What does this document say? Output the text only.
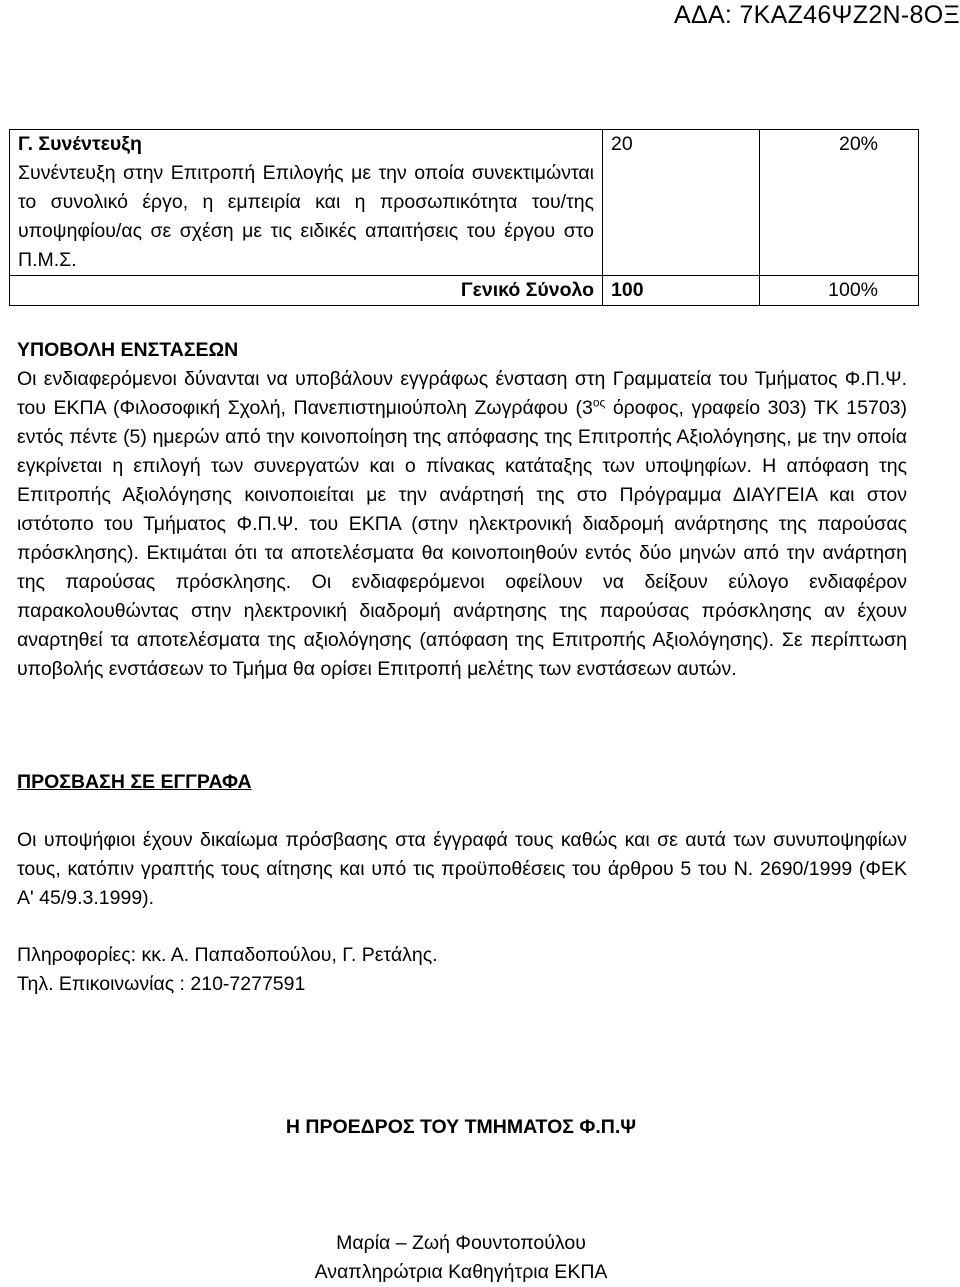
ΑΔΑ: 7ΚΑΖ46ΨΖ2Ν-8ΟΞ
Γ. Συνέντευξη
Συνέντευξη στην Επιτροπή Επιλογής με την οποία συνεκτιμώνται το συνολικό έργο, η εμπειρία και η προσωπικότητα του/της υποψηφίου/ας σε σχέση με τις ειδικές απαιτήσεις του έργου στο Π.Μ.Σ.	20	20%
Γενικό Σύνολο	100	100%
ΥΠΟΒΟΛΗ ΕΝΣΤΑΣΕΩΝ
Οι ενδιαφερόμενοι δύνανται να υποβάλουν εγγράφως ένσταση στη Γραμματεία του Τμήματος Φ.Π.Ψ. του ΕΚΠΑ (Φιλοσοφική Σχολή, Πανεπιστημιούπολη Ζωγράφου ($3^{o\varsigma}$ όροφος, γραφείο 303) ΤΚ 15703) εντός πέντε (5) ημερών από την κοινοποίηση της απόφασης της Επιτροπής Αξιολόγησης, με την οποία εγκρίνεται η επιλογή των συνεργατών και ο πίνακας κατάταξης των υποψηφίων. Η απόφαση της Επιτροπής Αξιολόγησης κοινοποιείται με την ανάρτησή της στο Πρόγραμμα ΔΙΑΥΓΕΙΑ και στον ιστότοπο του Τμήματος Φ.Π.Ψ. του ΕΚΠΑ (στην ηλεκτρονική διαδρομή ανάρτησης της παρούσας πρόσκλησης). Εκτιμάται ότι τα αποτελέσματα θα κοινοποιηθούν εντός δύο μηνών από την ανάρτηση της παρούσας πρόσκλησης. Οι ενδιαφερόμενοι οφείλουν να δείξουν εύλογο ενδιαφέρον παρακολουθώντας στην ηλεκτρονική διαδρομή ανάρτησης της παρούσας πρόσκλησης αν έχουν αναρτηθεί τα αποτελέσματα της αξιολόγησης (απόφαση της Επιτροπής Αξιολόγησης). Σε περίπτωση υποβολής ενστάσεων το Τμήμα θα ορίσει Επιτροπή μελέτης των ενστάσεων αυτών.
ΠΡΟΣΒΑΣΗ ΣΕ ΕΓΓΡΑΦΑ
Οι υποψήφιοι έχουν δικαίωμα πρόσβασης στα έγγραφά τους καθώς και σε αυτά των συνυποψηφίων τους, κατόπιν γραπτής τους αίτησης και υπό τις προϋποθέσεις του άρθρου 5 του Ν. 2690/1999 (ΦΕΚ Α' 45/9.3.1999).
Πληροφορίες: κκ. Α. Παπαδοπούλου, Γ. Ρετάλης.
Τηλ. Επικοινωνίας : 210-7277591
Η ΠΡΟΕΔΡΟΣ ΤΟΥ ΤΜΗΜΑΤΟΣ Φ.Π.Ψ
Μαρία – Ζωή Φουντοπούλου
Αναπληρώτρια Καθηγήτρια ΕΚΠΑ
